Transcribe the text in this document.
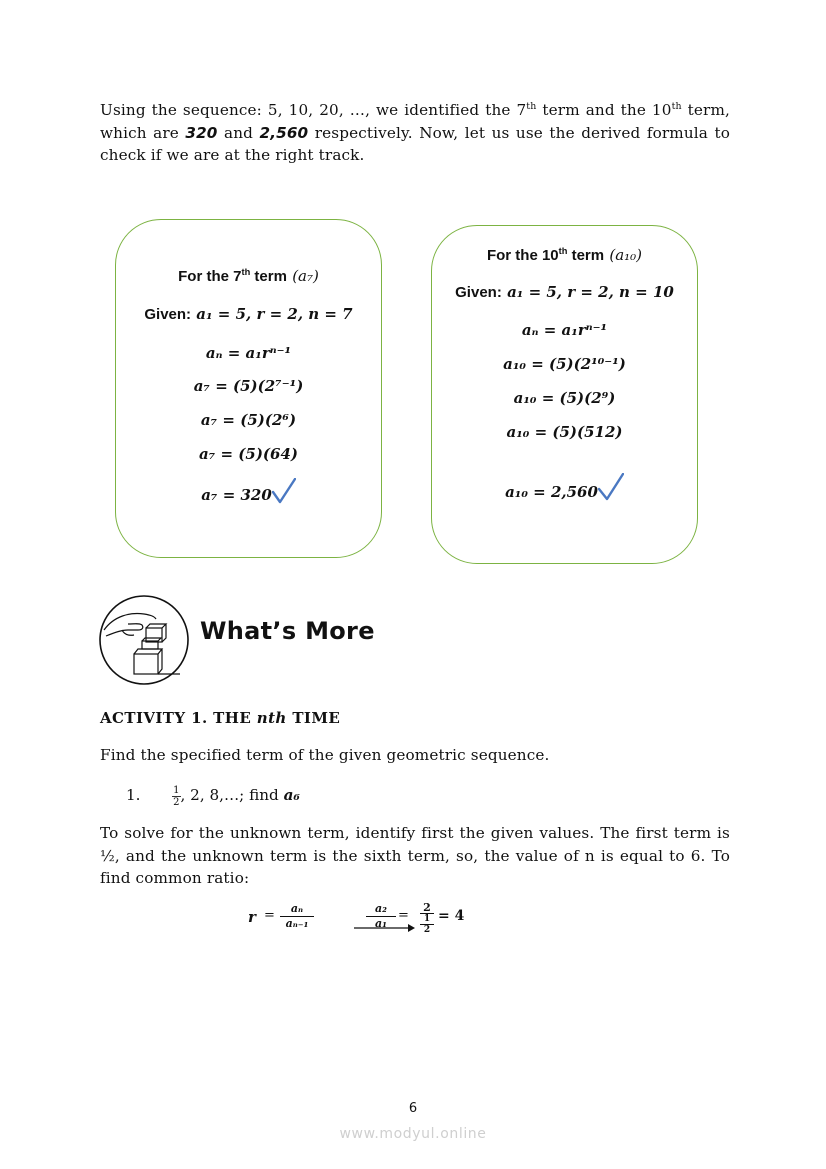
Using the sequence: 5, 10, 20, …, we identified the 7th term and the 10th term, which are 320 and 2,560 respectively. Now, let us use the derived formula to check if we are at the right track.
For the 7th term (a₇)
Given: a₁ = 5, r = 2, n = 7
aₙ = a₁rⁿ⁻¹
a₇ = (5)(2⁷⁻¹)
a₇ = (5)(2⁶)
a₇ = (5)(64)
a₇ = 320
For the 10th term (a₁₀)
Given: a₁ = 5, r = 2, n = 10
aₙ = a₁rⁿ⁻¹
a₁₀ = (5)(2¹⁰⁻¹)
a₁₀ = (5)(2⁹)
a₁₀ = (5)(512)
a₁₀ = 2,560
What’s More
ACTIVITY 1. THE nth TIME
Find the specified term of the given geometric sequence.
1.	$\frac{1}{2}$ , 2, 8,…; find a₆
To solve for the unknown term, identify first the given values. The first term is ½, and the unknown term is the sixth term, so, the value of n is equal to 6. To find common ratio:
r =	aₙ
aₙ₋₁
a₂
a₁
=
2
1
2
= 4
6
www.modyul.online
